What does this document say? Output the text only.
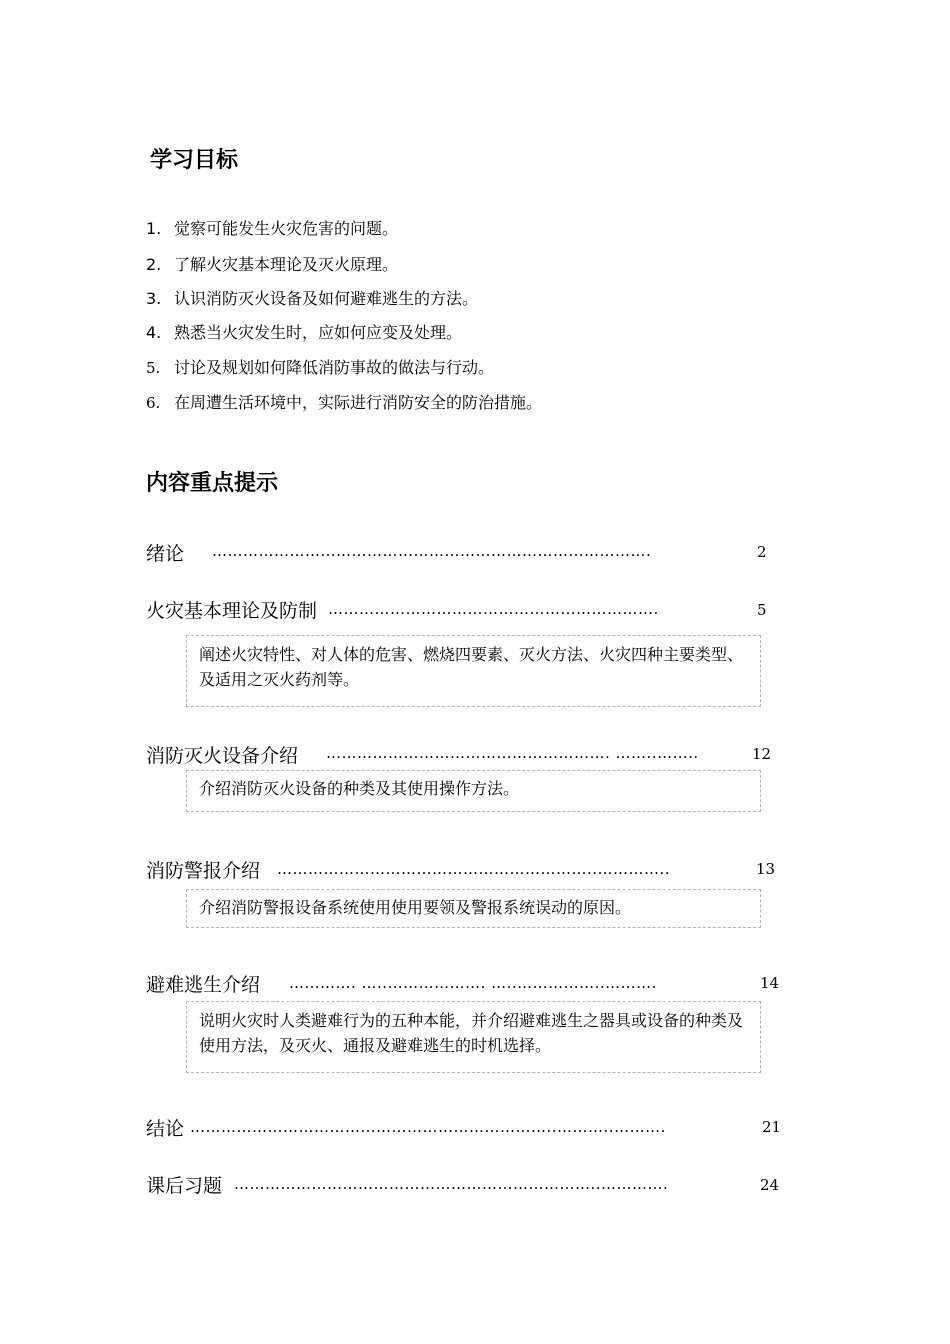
学习目标
1. 觉察可能发生火灾危害的问题。
2. 了解火灾基本理论及灭火原理。
3. 认识消防灭火设备及如何避难逃生的方法。
4. 熟悉当火灾发生时，应如何应变及处理。
5. 讨论及规划如何降低消防事故的做法与行动。
6. 在周遭生活环境中，实际进行消防安全的防治措施。
内容重点提示
绪论 ………………………………………………………………………….	2
火灾基本理论及防制 ……………………………………………………….	5
阐述火灾特性、对人体的危害、燃烧四要素、灭火方法、火灾四种主要类型、及适用之灭火药剂等。
消防灭火设备介绍 ………………………………………………. ……..……..	12
介绍消防灭火设备的种类及其使用操作方法。
消防警报介绍 ……………………………………………………..…………..	13
介绍消防警报设备系统使用使用要领及警报系统误动的原因。
避难逃生介绍 …………. …..………………. …..……………..……….	14
说明火灾时人类避难行为的五种本能，并介绍避难逃生之器具或设备的种类及使用方法，及灭火、通报及避难逃生的时机选择。
结论 ……………………………………………………………..………..……….	21
课后习题 ……………………………………………………………..………….	24
